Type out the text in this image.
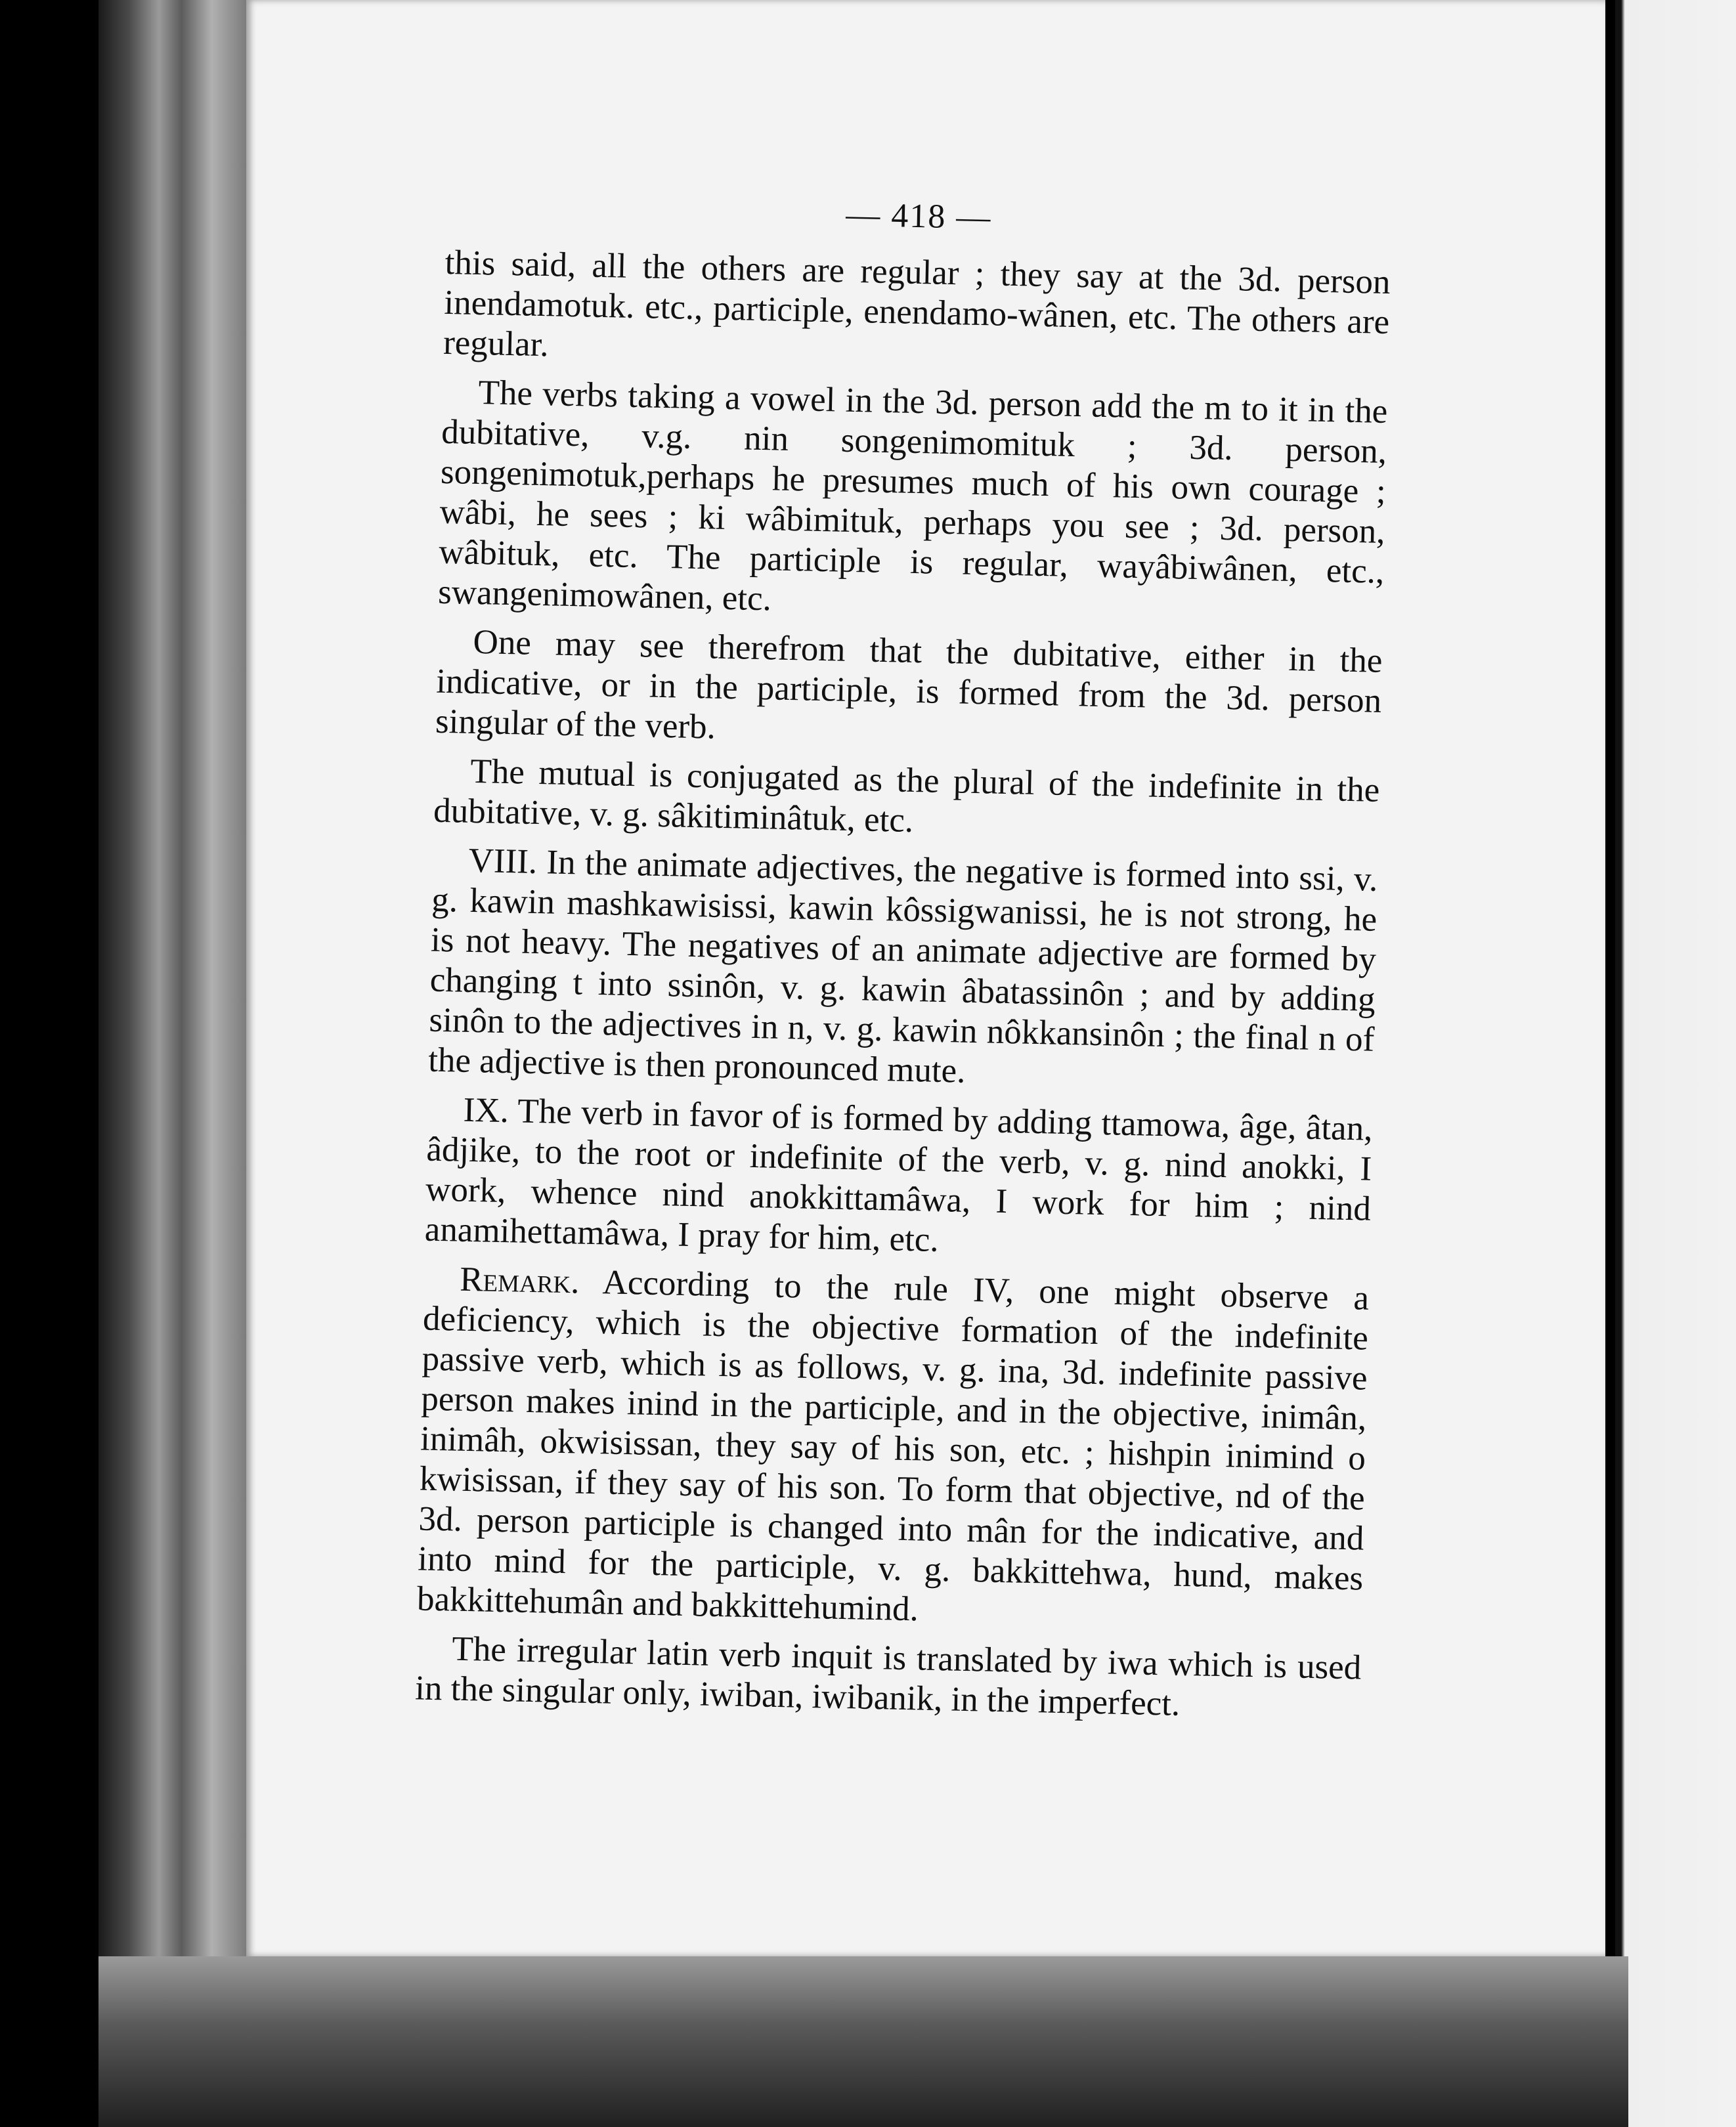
— 418 —

this said, all the others are regular ; they say at the 3d. person inendamotuk. etc., participle, enendamo-wânen, etc. The others are regular.

The verbs taking a vowel in the 3d. person add the m to it in the dubitative, v.g. nin songenimomituk ; 3d. person, songenimotuk,perhaps he presumes much of his own courage ; wâbi, he sees ; ki wâbimituk, perhaps you see ; 3d. person, wâbituk, etc. The participle is regular, wayâbiwânen, etc., swangenimowânen, etc.

One may see therefrom that the dubitative, either in the indicative, or in the participle, is formed from the 3d. person singular of the verb.

The mutual is conjugated as the plural of the indefinite in the dubitative, v. g. sâkitiminâtuk, etc.

VIII. In the animate adjectives, the negative is formed into ssi, v. g. kawin mashkawisissi, kawin kôssigwanissi, he is not strong, he is not heavy. The negatives of an animate adjective are formed by changing t into ssinôn, v. g. kawin âbatassinôn ; and by adding sinôn to the adjectives in n, v. g. kawin nôkkansinôn ; the final n of the adjective is then pronounced mute.

IX. The verb in favor of is formed by adding ttamowa, âge, âtan, âdjike, to the root or indefinite of the verb, v. g. nind anokki, I work, whence nind anokkittamâwa, I work for him ; nind anamihettamâwa, I pray for him, etc.

Remark. According to the rule IV, one might observe a deficiency, which is the objective formation of the indefinite passive verb, which is as follows, v. g. ina, 3d. indefinite passive person makes inind in the participle, and in the objective, inimân, inimâh, okwisissan, they say of his son, etc. ; hishpin inimind o kwisissan, if they say of his son. To form that objective, nd of the 3d. person participle is changed into mân for the indicative, and into mind for the participle, v. g. bakkittehwa, hund, makes bakkittehumân and bakkittehumind.

The irregular latin verb inquit is translated by iwa which is used in the singular only, iwiban, iwibanik, in the imperfect.
